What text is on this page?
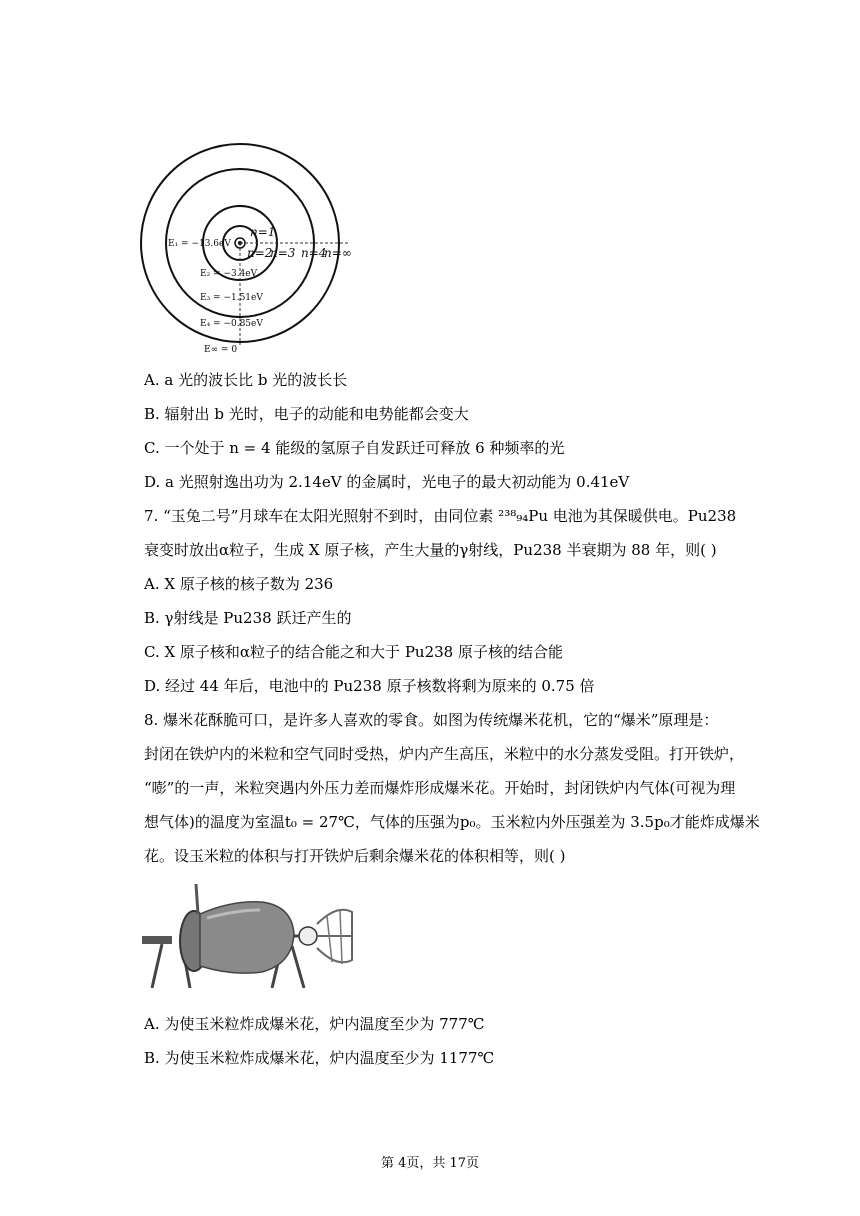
n=1
n=2
n=3 n=4
n=∞
E₁ = −13.6eV
E₂ = −3.4eV
E₃ = −1.51eV
E₄ = −0.85eV
E∞ = 0
A. a 光的波长比 b 光的波长长
B. 辐射出 b 光时，电子的动能和电势能都会变大
C. 一个处于 n = 4 能级的氢原子自发跃迁可释放 6 种频率的光
D. a 光照射逸出功为 2.14eV 的金属时，光电子的最大初动能为 0.41eV
7. “玉兔二号”月球车在太阳光照射不到时，由同位素 ²³⁸₉₄Pu 电池为其保暖供电。Pu238
衰变时放出α粒子，生成 X 原子核，产生大量的γ射线，Pu238 半衰期为 88 年，则( )
A. X 原子核的核子数为 236
B. γ射线是 Pu238 跃迁产生的
C. X 原子核和α粒子的结合能之和大于 Pu238 原子核的结合能
D. 经过 44 年后，电池中的 Pu238 原子核数将剩为原来的 0.75 倍
8. 爆米花酥脆可口，是许多人喜欢的零食。如图为传统爆米花机，它的“爆米”原理是：
封闭在铁炉内的米粒和空气同时受热，炉内产生高压，米粒中的水分蒸发受阻。打开铁炉，
“嘭”的一声，米粒突遇内外压力差而爆炸形成爆米花。开始时，封闭铁炉内气体(可视为理
想气体)的温度为室温t₀ = 27℃，气体的压强为p₀。玉米粒内外压强差为 3.5p₀才能炸成爆米
花。设玉米粒的体积与打开铁炉后剩余爆米花的体积相等，则( )
A. 为使玉米粒炸成爆米花，炉内温度至少为 777℃
B. 为使玉米粒炸成爆米花，炉内温度至少为 1177℃
第 4页，共 17页
